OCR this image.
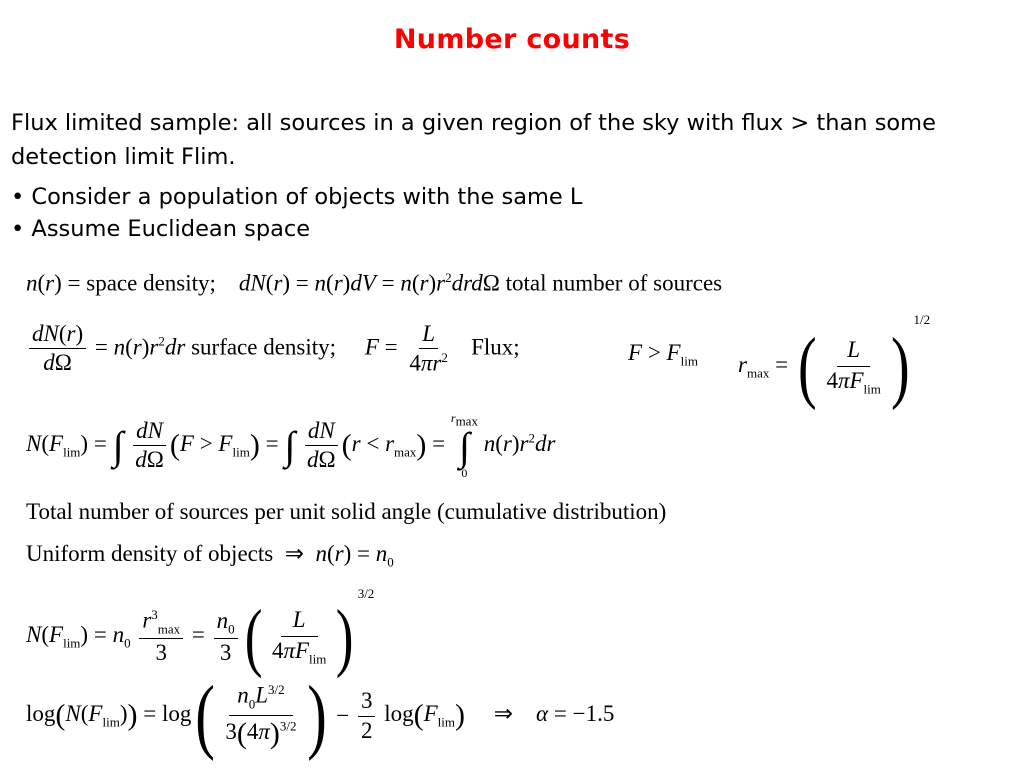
Number counts
Flux limited sample: all sources in a given region of the sky with flux > than some detection limit Flim.
• Consider a population of objects with the same L
• Assume Euclidean space
n(r) = space density; $dN(r) = n(r)dV = n(r)r^2drd\Omega$ total number of sources
$\frac{dN(r)}{d\Omega} = n(r)r^2dr$ surface density; $F = \frac{L}{4\pi r^2}$ Flux;	$F > F_{lim}$ $r_{max}$ = ( $\frac{L}{4\pi F_{lim}} )^{1/2}$
$N(F_{lim})$ = ∫ $\frac{dN}{d\Omega} (F > F_{lim})$ = ∫ $\frac{dN}{d\Omega} (r < r_{max})$ =
$r_{max}$
∫
0
$n(r)r^2dr$
Total number of sources per unit solid angle (cumulative distribution)
Uniform density of objects  ⇒  $n(r) = n_0$
$N(F_{lim}) = n_0 \frac{r^3_{max}}{3} = \frac{n_0}{3}$ ( $\frac{L}{4\pi F_{lim}} )^{3/2}$
$\log(N(F_{lim})) = \log( \frac{n_0L^{3/2}}{3(4\pi)^{3/2}}$ ) − $\frac{3}{2} \log(F_{lim})$     ⇒    α = −1.5
